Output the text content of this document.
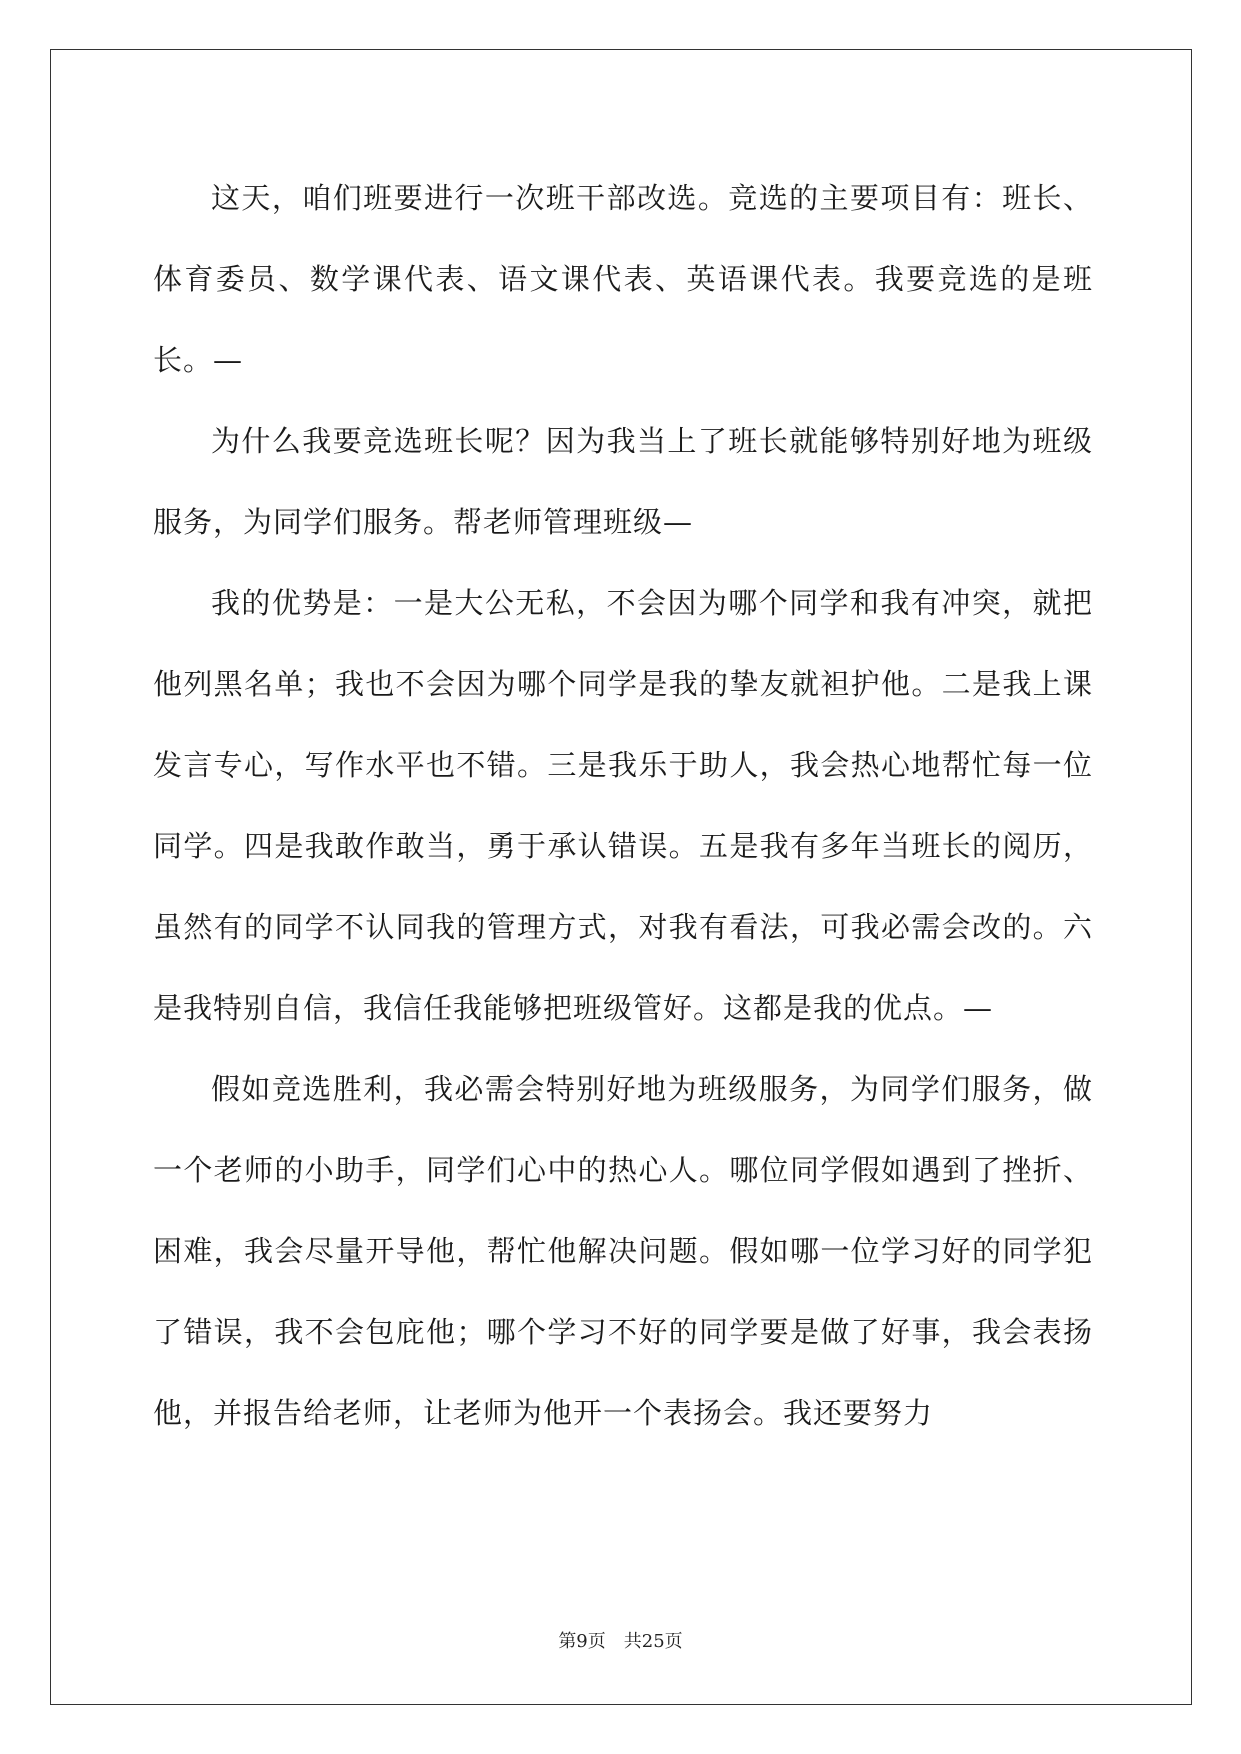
这天，咱们班要进行一次班干部改选。竞选的主要项目有：班长、体育委员、数学课代表、语文课代表、英语课代表。我要竞选的是班长。—

为什么我要竞选班长呢？因为我当上了班长就能够特别好地为班级服务，为同学们服务。帮老师管理班级—

我的优势是：一是大公无私，不会因为哪个同学和我有冲突，就把他列黑名单；我也不会因为哪个同学是我的挚友就袒护他。二是我上课发言专心，写作水平也不错。三是我乐于助人，我会热心地帮忙每一位同学。四是我敢作敢当，勇于承认错误。五是我有多年当班长的阅历，虽然有的同学不认同我的管理方式，对我有看法，可我必需会改的。六是我特别自信，我信任我能够把班级管好。这都是我的优点。—

假如竞选胜利，我必需会特别好地为班级服务，为同学们服务，做一个老师的小助手，同学们心中的热心人。哪位同学假如遇到了挫折、困难，我会尽量开导他，帮忙他解决问题。假如哪一位学习好的同学犯了错误，我不会包庇他；哪个学习不好的同学要是做了好事，我会表扬他，并报告给老师，让老师为他开一个表扬会。我还要努力

第9页 共25页
